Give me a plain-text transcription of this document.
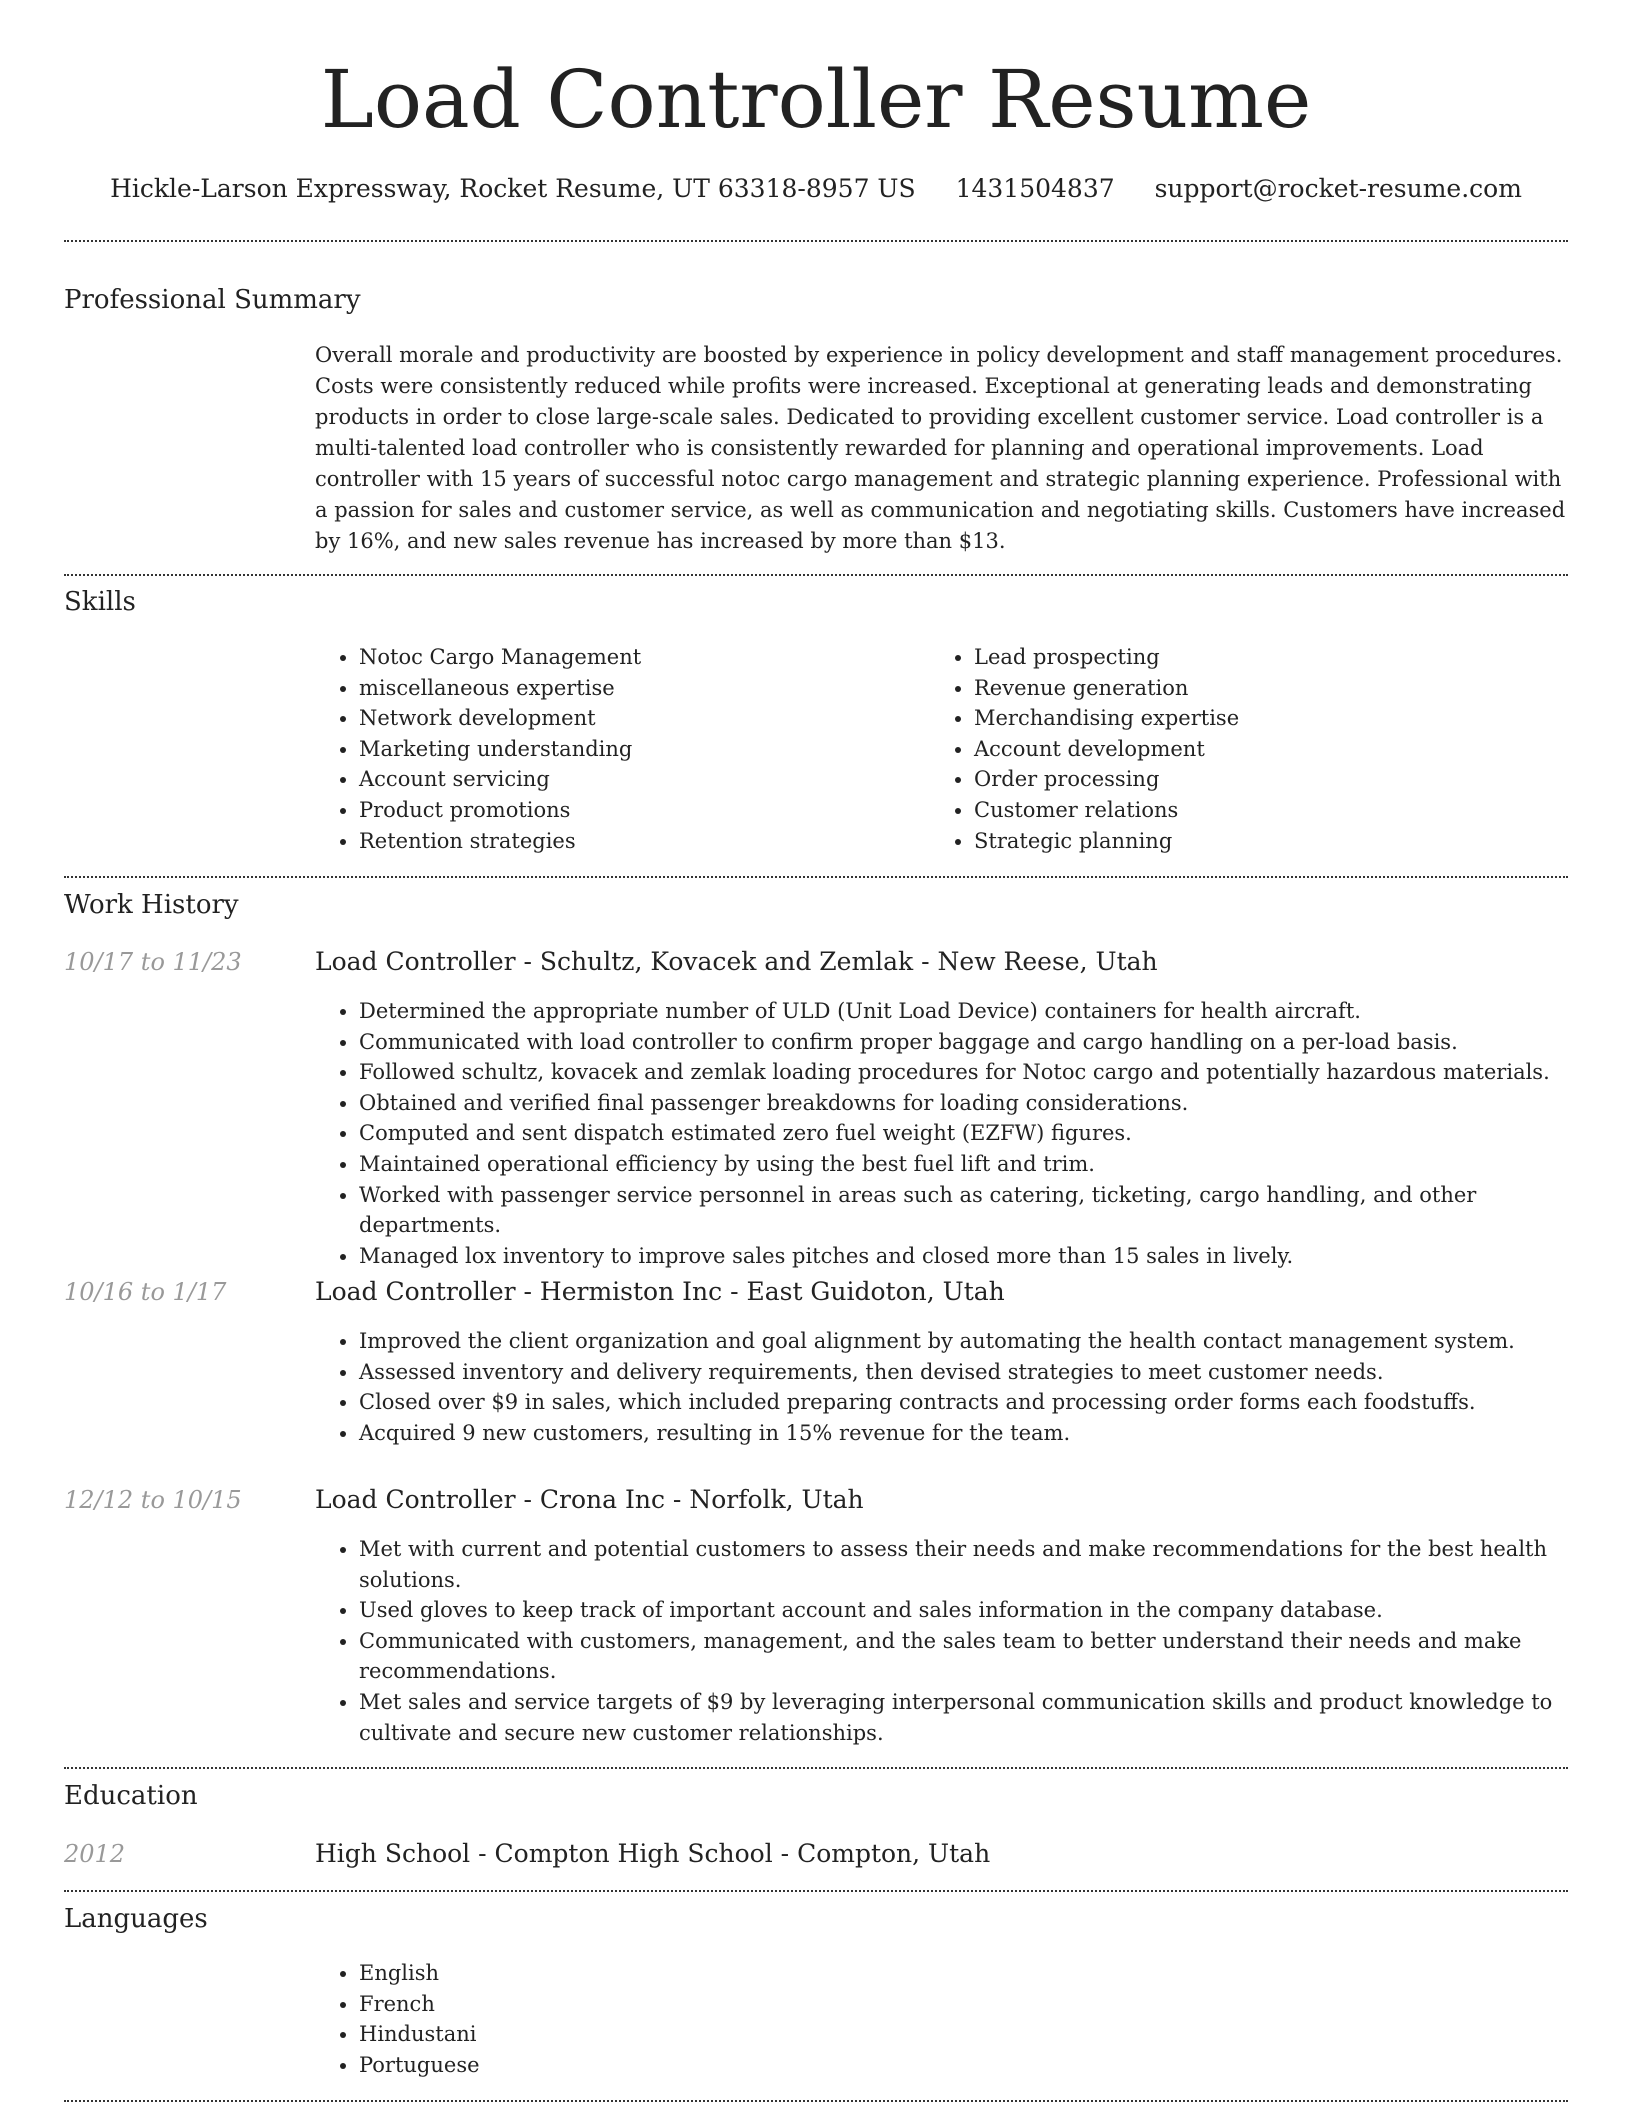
Load Controller Resume
Hickle-Larson Expressway, Rocket Resume, UT 63318-8957 US 1431504837 support@rocket-resume.com
Professional Summary

Overall morale and productivity are boosted by experience in policy development and staff management procedures. Costs were consistently reduced while profits were increased. Exceptional at generating leads and demonstrating products in order to close large-scale sales. Dedicated to providing excellent customer service. Load controller is a multi-talented load controller who is consistently rewarded for planning and operational improvements. Load controller with 15 years of successful notoc cargo management and strategic planning experience. Professional with a passion for sales and customer service, as well as communication and negotiating skills. Customers have increased by 16%, and new sales revenue has increased by more than $13.

Skills
• Notoc Cargo Management
• miscellaneous expertise
• Network development
• Marketing understanding
• Account servicing
• Product promotions
• Retention strategies
• Lead prospecting
• Revenue generation
• Merchandising expertise
• Account development
• Order processing
• Customer relations
• Strategic planning
Work History
10/17 to 11/23	Load Controller - Schultz, Kovacek and Zemlak - New Reese, Utah
• Determined the appropriate number of ULD (Unit Load Device) containers for health aircraft.
• Communicated with load controller to confirm proper baggage and cargo handling on a per-load basis.
• Followed schultz, kovacek and zemlak loading procedures for Notoc cargo and potentially hazardous materials.
• Obtained and verified final passenger breakdowns for loading considerations.
• Computed and sent dispatch estimated zero fuel weight (EZFW) figures.
• Maintained operational efficiency by using the best fuel lift and trim.
• Worked with passenger service personnel in areas such as catering, ticketing, cargo handling, and other departments.
• Managed lox inventory to improve sales pitches and closed more than 15 sales in lively.
10/16 to 1/17	Load Controller - Hermiston Inc - East Guidoton, Utah
• Improved the client organization and goal alignment by automating the health contact management system.
• Assessed inventory and delivery requirements, then devised strategies to meet customer needs.
• Closed over $9 in sales, which included preparing contracts and processing order forms each foodstuffs.
• Acquired 9 new customers, resulting in 15% revenue for the team.
12/12 to 10/15	Load Controller - Crona Inc - Norfolk, Utah
• Met with current and potential customers to assess their needs and make recommendations for the best health solutions.
• Used gloves to keep track of important account and sales information in the company database.
• Communicated with customers, management, and the sales team to better understand their needs and make recommendations.
• Met sales and service targets of $9 by leveraging interpersonal communication skills and product knowledge to cultivate and secure new customer relationships.
Education
2012	High School - Compton High School - Compton, Utah
Languages
• English
• French
• Hindustani
• Portuguese
